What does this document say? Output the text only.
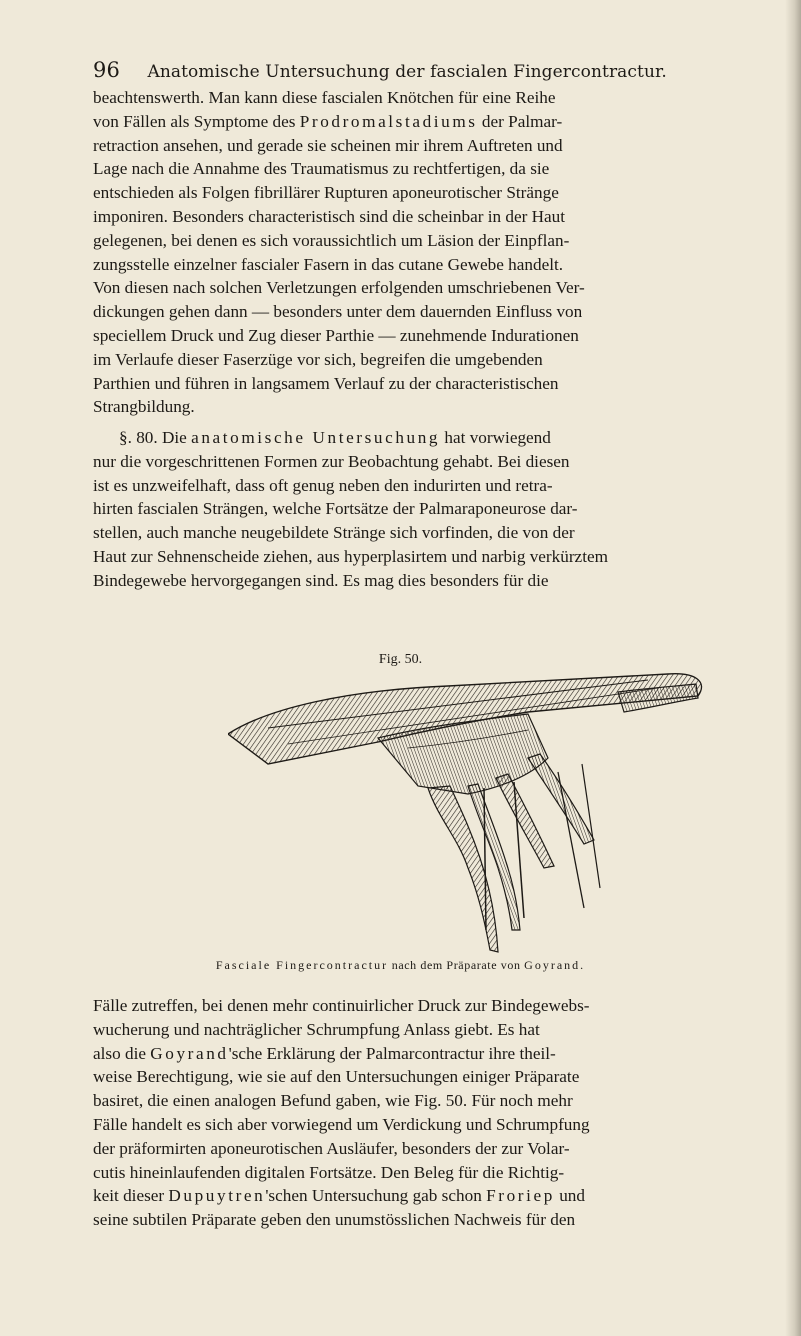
96 Anatomische Untersuchung der fascialen Fingercontractur.

beachtenswerth. Man kann diese fascialen Knötchen für eine Reihe

von Fällen als Symptome des Prodromalstadiums der Palmar-

retraction ansehen, und gerade sie scheinen mir ihrem Auftreten und

Lage nach die Annahme des Traumatismus zu rechtfertigen, da sie

entschieden als Folgen fibrillärer Rupturen aponeurotischer Stränge

imponiren. Besonders characteristisch sind die scheinbar in der Haut

gelegenen, bei denen es sich voraussichtlich um Läsion der Einpflan-

zungsstelle einzelner fascialer Fasern in das cutane Gewebe handelt.

Von diesen nach solchen Verletzungen erfolgenden umschriebenen Ver-

dickungen gehen dann — besonders unter dem dauernden Einfluss von

speciellem Druck und Zug dieser Parthie — zunehmende Indurationen

im Verlaufe dieser Faserzüge vor sich, begreifen die umgebenden

Parthien und führen in langsamem Verlauf zu der characteristischen

Strangbildung.

§. 80. Die anatomische Untersuchung hat vorwiegend

nur die vorgeschrittenen Formen zur Beobachtung gehabt. Bei diesen

ist es unzweifelhaft, dass oft genug neben den indurirten und retra-

hirten fascialen Strängen, welche Fortsätze der Palmaraponeurose dar-

stellen, auch manche neugebildete Stränge sich vorfinden, die von der

Haut zur Sehnenscheide ziehen, aus hyperplasirtem und narbig verkürztem

Bindegewebe hervorgegangen sind. Es mag dies besonders für die

Fig. 50.
Fasciale Fingercontractur nach dem Präparate von Goyrand.

Fälle zutreffen, bei denen mehr continuirlicher Druck zur Bindegewebs-

wucherung und nachträglicher Schrumpfung Anlass giebt. Es hat

also die Goyrand'sche Erklärung der Palmarcontractur ihre theil-

weise Berechtigung, wie sie auf den Untersuchungen einiger Präparate

basiret, die einen analogen Befund gaben, wie Fig. 50. Für noch mehr

Fälle handelt es sich aber vorwiegend um Verdickung und Schrumpfung

der präformirten aponeurotischen Ausläufer, besonders der zur Volar-

cutis hineinlaufenden digitalen Fortsätze. Den Beleg für die Richtig-

keit dieser Dupuytren'schen Untersuchung gab schon Froriep und

seine subtilen Präparate geben den unumstösslichen Nachweis für den
